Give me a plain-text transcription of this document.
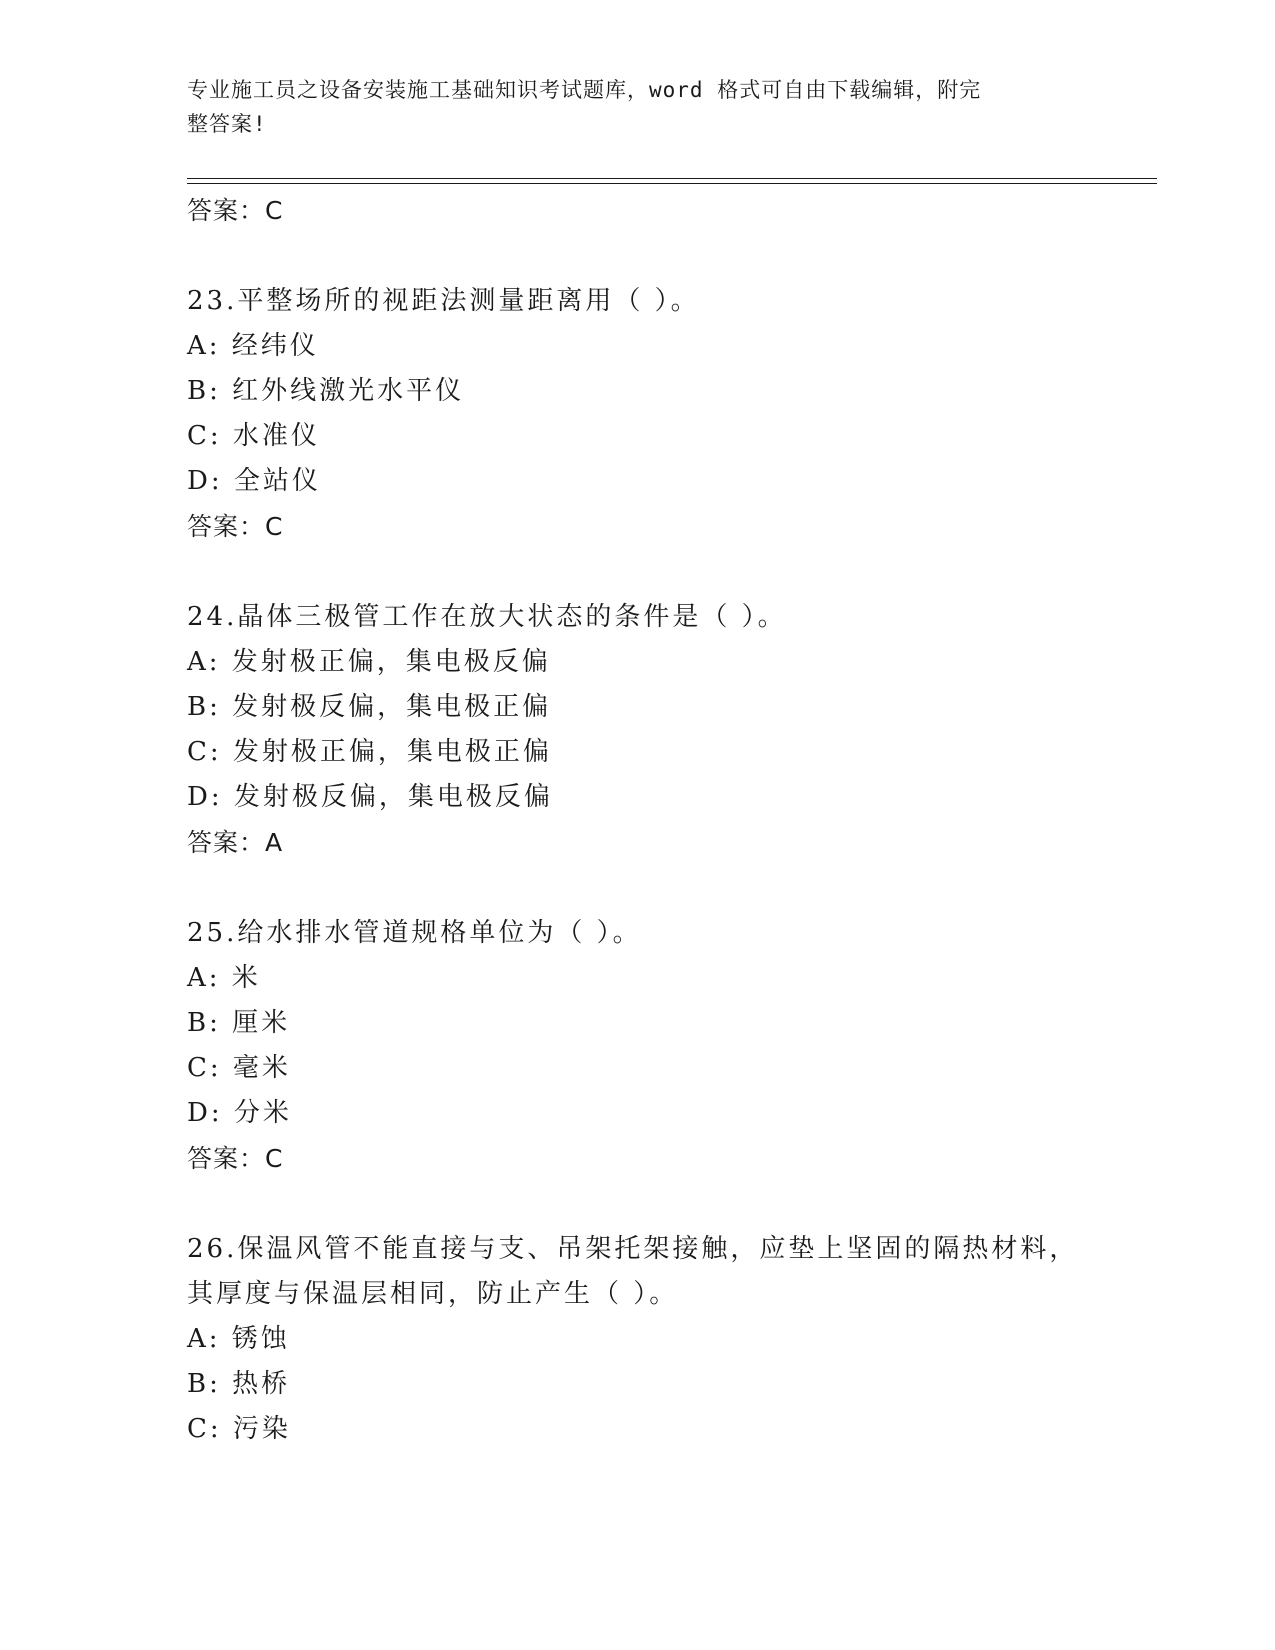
专业施工员之设备安装施工基础知识考试题库，word 格式可自由下载编辑，附完
整答案!
答案：C
23.平整场所的视距法测量距离用（ ）。
A: 经纬仪
B: 红外线激光水平仪
C: 水准仪
D: 全站仪
答案：C
24.晶体三极管工作在放大状态的条件是（ ）。
A: 发射极正偏，集电极反偏
B: 发射极反偏，集电极正偏
C: 发射极正偏，集电极正偏
D: 发射极反偏，集电极反偏
答案：A
25.给水排水管道规格单位为（ ）。
A: 米
B: 厘米
C: 毫米
D: 分米
答案：C
26.保温风管不能直接与支、吊架托架接触，应垫上坚固的隔热材料，
其厚度与保温层相同，防止产生（ ）。
A: 锈蚀
B: 热桥
C: 污染
